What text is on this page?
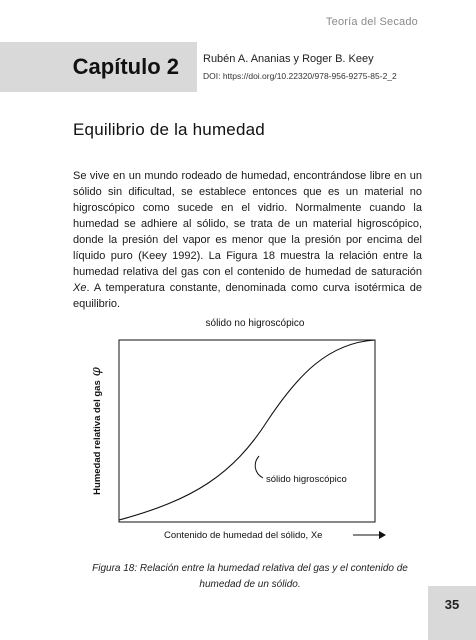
Teoría del Secado
Capítulo 2 Rubén A. Ananias y Roger B. Keey
DOI: https://doi.org/10.22320/978-956-9275-85-2_2
Equilibrio de la humedad

Se vive en un mundo rodeado de humedad, encontrándose libre en un sólido sin dificultad, se establece entonces que es un material no higroscópico como sucede en el vidrio. Normalmente cuando la humedad se adhiere al sólido, se trata de un material higroscópico, donde la presión del vapor es menor que la presión por encima del líquido puro (Keey 1992). La Figura 18 muestra la relación entre la humedad relativa del gas con el contenido de humedad de saturación Xe. A temperatura constante, denominada como curva isotérmica de equilibrio.

sólido no higroscópico
sólido higroscópico
Humedad relativa del gasφ
Contenido de humedad del sólido, Xe
Figura 18: Relación entre la humedad relativa del gas y el contenido de
humedad de un sólido.
35
